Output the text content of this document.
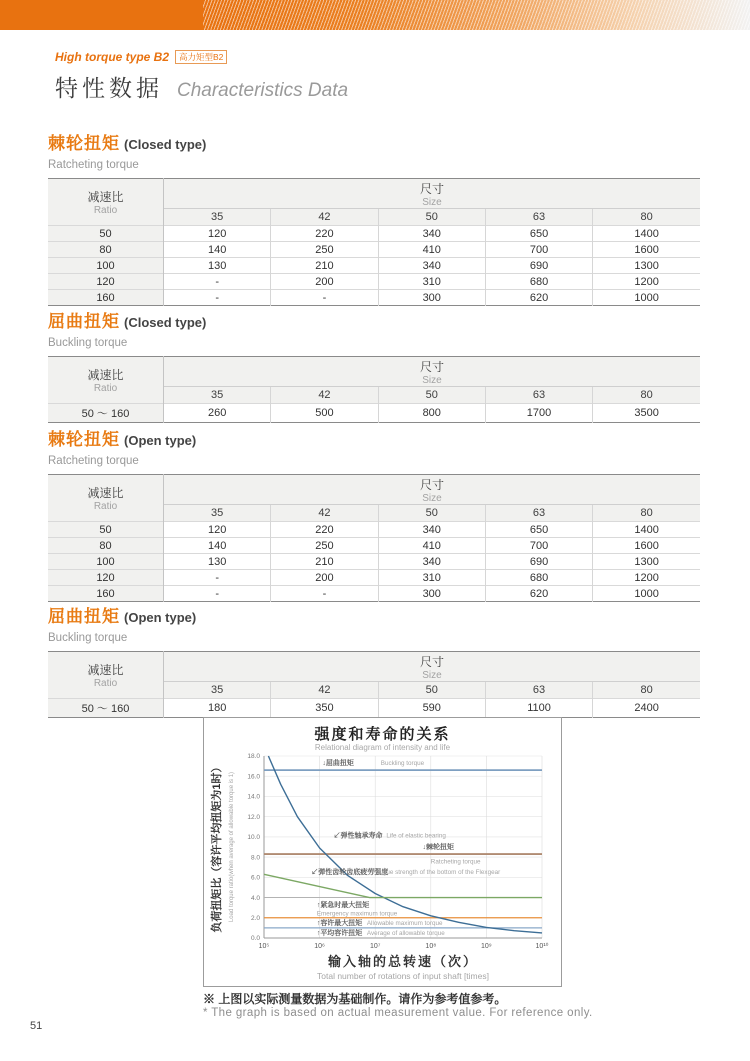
High torque type B2	高力矩型B2
特性数据 Characteristics Data
棘轮扭矩 (Closed type)
Ratcheting torque
减速比
Ratio

尺寸
Size

	35	42	50	63	80
50	120	220	340	650	1400
80	140	250	410	700	1600
100	130	210	340	690	1300
120	-	200	310	680	1200
160	-	-	300	620	1000
屈曲扭矩 (Closed type)
Buckling torque
减速比
Ratio

尺寸
Size

	35	42	50	63	80
50 ～ 160	260	500	800	1700	3500
棘轮扭矩 (Open type)
Ratcheting torque
减速比
Ratio

尺寸
Size

	35	42	50	63	80
50	120	220	340	650	1400
80	140	250	410	700	1600
100	130	210	340	690	1300
120	-	200	310	680	1200
160	-	-	300	620	1000
屈曲扭矩 (Open type)
Buckling torque
减速比
Ratio

尺寸
Size

	35	42	50	63	80
50 ～ 160	180	350	590	1100	2400
0.0
2.0
4.0
6.0
8.0
10.0
12.0
14.0
16.0
18.0
10⁵	10⁶	10⁷	10⁸	10⁹	10¹⁰
↓屈曲扭矩	Buckling torque
↓棘轮扭矩
Ratcheting torque
↑紧急时最大扭矩
Emergency maximum torque
↑容许最大扭矩 Allowable maximum torque
↑平均容许扭矩 Average of allowable torque
↙弹性轴承寿命 Life of elastic bearing
↙弹性齿轮齿底疲劳强度
Fatigue strength of the bottom of the Flexgear
输入轴的总转速（次）
Total number of rotations of input shaft [times]
负荷扭矩比（容许平均扭矩为1时） Load torque ratio(when average of allowable torque is 1)
强度和寿命的关系
Relational diagram of intensity and life
※ 上图以实际测量数据为基础制作。请作为参考值参考。
* The graph is based on actual measurement value. For reference only.
51
